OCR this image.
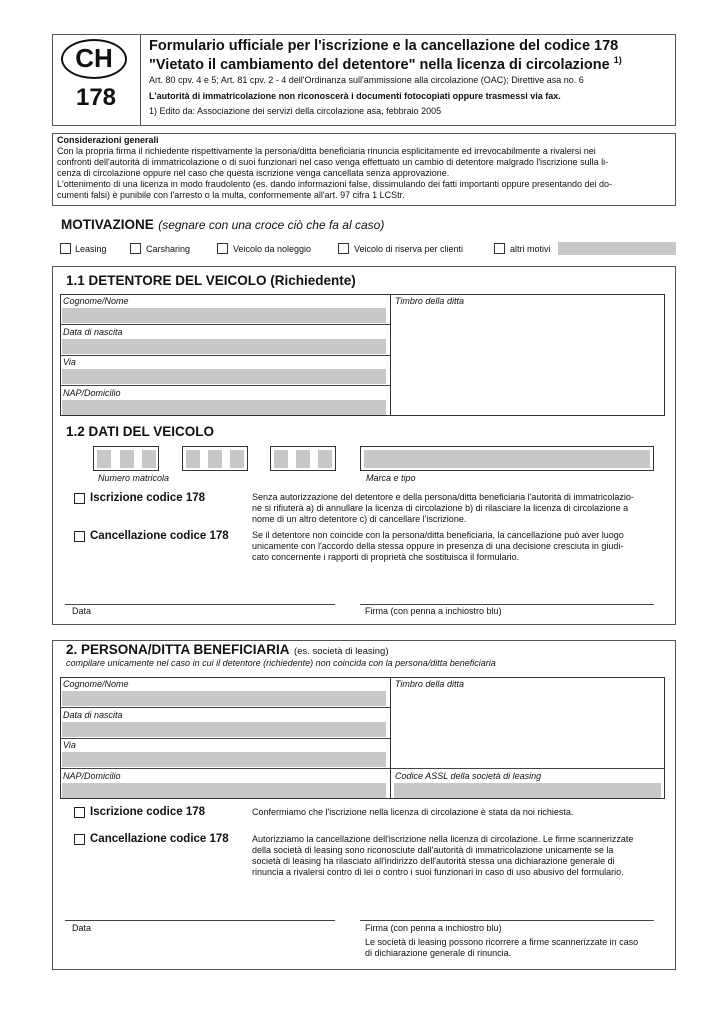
CH
178
Formulario ufficiale per l'iscrizione e la cancellazione del codice 178
"Vietato il cambiamento del detentore" nella licenza di circolazione $^{1)}$
Art. 80 cpv. 4 e 5; Art. 81 cpv. 2 - 4 dell'Ordinanza sull'ammissione alla circolazione (OAC); Direttive asa no. 6
L'autorità di immatricolazione non riconoscerà i documenti fotocopiati oppure trasmessi via fax.
1) Edito da: Associazione dei servizi della circolazione asa, febbraio 2005
Considerazioni generali
Con la propria firma il richiedente rispettivamente la persona/ditta beneficiaria rinuncia esplicitamente ed irrevocabilmente a rivalersi nei
confronti dell'autorità di immatricolazione o di suoi funzionari nel caso venga effettuato un cambio di detentore malgrado l'iscrizione sulla li-
cenza di circolazione oppure nel caso che questa iscrizione venga cancellata senza approvazione.
L'ottenimento di una licenza in modo fraudolento (es. dando informazioni false, dissimulando dei fatti importanti oppure presentando dei do-
cumenti falsi) è punibile con l'arresto o la multa, conformemente all'art. 97 cifra 1 LCStr.
MOTIVAZIONE (segnare con una croce ciò che fa al caso)
Leasing	Carsharing	Veicolo da noleggio	Veicolo di riserva per clienti	altri motivi
1.1 DETENTORE DEL VEICOLO (Richiedente)
Cognome/Nome	Timbro della ditta
Data di nascita
Via
NAP/Domicilio
1.2 DATI DEL VEICOLO
Numero matricola	Marca e tipo
Iscrizione codice 178	Senza autorizzazione del detentore e della persona/ditta beneficiaria l'autorità di immatricolazio-
ne si rifiuterà a) di annullare la licenza di circolazione b) di rilasciare la licenza di circolazione a
nome di un altro detentore c) di cancellare l'iscrizione.
Cancellazione codice 178	Se il detentore non coincide con la persona/ditta beneficiaria, la cancellazione può aver luogo
unicamente con l'accordo della stessa oppure in presenza di una decisione cresciuta in giudi-
cato concernente i rapporti di proprietà che sostituisca il formulario.
Data	Firma (con penna a inchiostro blu)
2. PERSONA/DITTA BENEFICIARIA (es. società di leasing)
compilare unicamente nel caso in cui il detentore (richiedente) non coincida con la persona/ditta beneficiaria
Cognome/Nome	Timbro della ditta
Data di nascita
Via
NAP/Domicilio	Codice ASSL della società di leasing
Iscrizione codice 178	Confermiamo che l'iscrizione nella licenza di circolazione è stata da noi richiesta.
Cancellazione codice 178	Autorizziamo la cancellazione dell'iscrizione nella licenza di circolazione. Le firme scannerizzate
della società di leasing sono riconosciute dall'autorità di immatricolazione unicamente se la
società di leasing ha rilasciato all'indirizzo dell'autorità stessa una dichiarazione generale di
rinuncia a rivalersi contro di lei o contro i suoi funzionari in caso di uso abusivo del formulario.
Data	Firma (con penna a inchiostro blu)
Le società di leasing possono ricorrere a firme scannerizzate in caso
di dichiarazione generale di rinuncia.
